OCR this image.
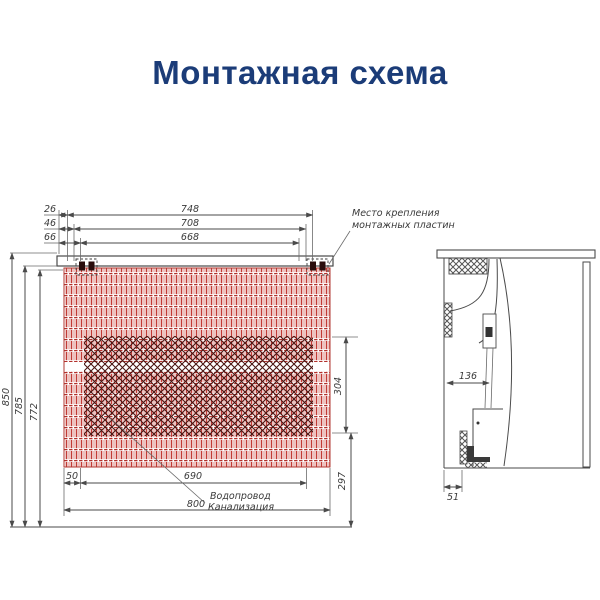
Монтажная схема
26	748
46	708
66	668
850 785 772
50	690
800
Водопровод
Канализация
304
297
Место крепления
монтажных пластин
136
51
